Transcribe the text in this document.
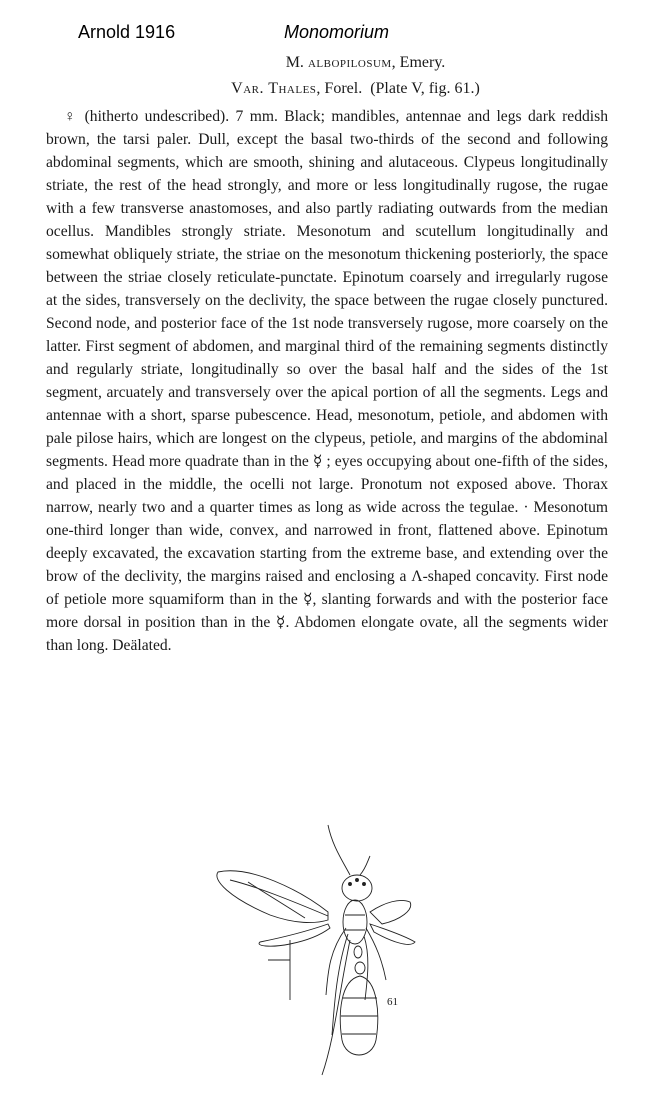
Arnold 1916	Monomorium
M. albopilosum, Emery.
Var. Thales, Forel. (Plate V, fig. 61.)

♀ (hitherto undescribed). 7 mm. Black; mandibles, antennae and legs dark reddish brown, the tarsi paler. Dull, except the basal two-thirds of the second and following abdominal segments, which are smooth, shining and alutaceous. Clypeus longitudinally striate, the rest of the head strongly, and more or less longitudinally rugose, the rugae with a few transverse anastomoses, and also partly radiating outwards from the median ocellus. Mandibles strongly striate. Mesonotum and scutellum longitudinally and somewhat obliquely striate, the striae on the mesonotum thickening posteriorly, the space between the striae closely reticulate-punctate. Epinotum coarsely and irregularly rugose at the sides, transversely on the declivity, the space between the rugae closely punctured. Second node, and posterior face of the 1st node transversely rugose, more coarsely on the latter. First segment of abdomen, and marginal third of the remaining segments distinctly and regularly striate, longitudinally so over the basal half and the sides of the 1st segment, arcuately and transversely over the apical portion of all the segments. Legs and antennae with a short, sparse pubescence. Head, mesonotum, petiole, and abdomen with pale pilose hairs, which are longest on the clypeus, petiole, and margins of the abdominal segments. Head more quadrate than in the ☿ ; eyes occupying about one-fifth of the sides, and placed in the middle, the ocelli not large. Pronotum not exposed above. Thorax narrow, nearly two and a quarter times as long as wide across the tegulae. · Mesonotum one-third longer than wide, convex, and narrowed in front, flattened above. Epinotum deeply excavated, the excavation starting from the extreme base, and extending over the brow of the declivity, the margins raised and enclosing a Λ-shaped concavity. First node of petiole more squamiform than in the ☿, slanting forwards and with the posterior face more dorsal in position than in the ☿. Abdomen elongate ovate, all the segments wider than long. Deälated.

61
